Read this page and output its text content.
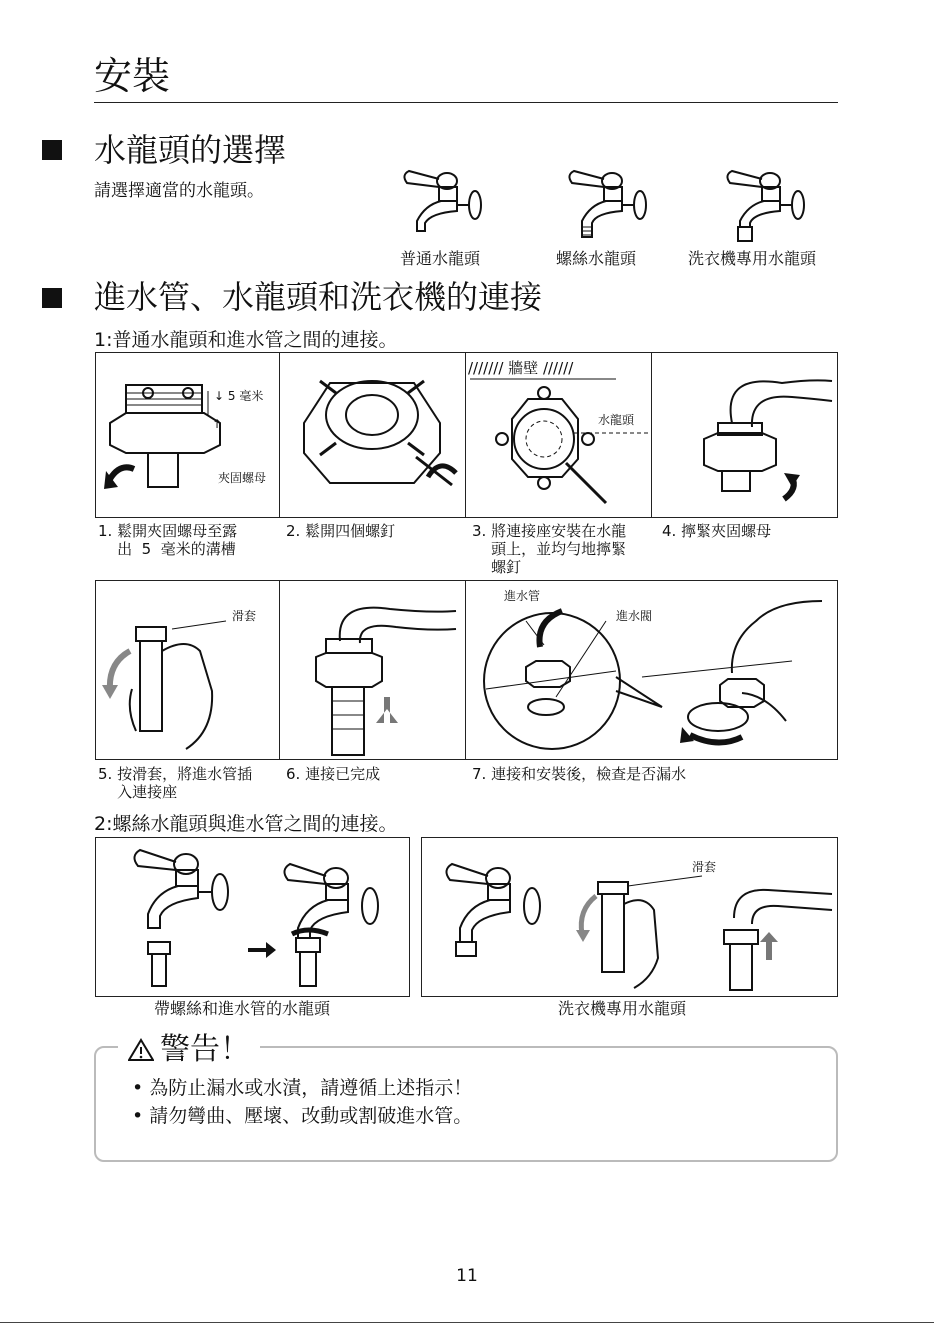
安裝
水龍頭的選擇
請選擇適當的水龍頭。
普通水龍頭	螺絲水龍頭	洗衣機專用水龍頭
進水管、水龍頭和洗衣機的連接
1:普通水龍頭和進水管之間的連接。
↓ 5 毫米
↑
夾固螺母
/////// 牆壁 //////
水龍頭
1. 鬆開夾固螺母至露
出  5  毫米的溝槽
2. 鬆開四個螺釘	3. 將連接座安裝在水龍
頭上，並均勻地擰緊
螺釘
4. 擰緊夾固螺母
滑套
進水管
進水閥
5. 按滑套，將進水管插
入連接座
6. 連接已完成	7. 連接和安裝後，檢查是否漏水
2:螺絲水龍頭與進水管之間的連接。
帶螺絲和進水管的水龍頭
滑套
洗衣機專用水龍頭
警告！
• 為防止漏水或水漬，請遵循上述指示！
• 請勿彎曲、壓壞、改動或割破進水管。
11
